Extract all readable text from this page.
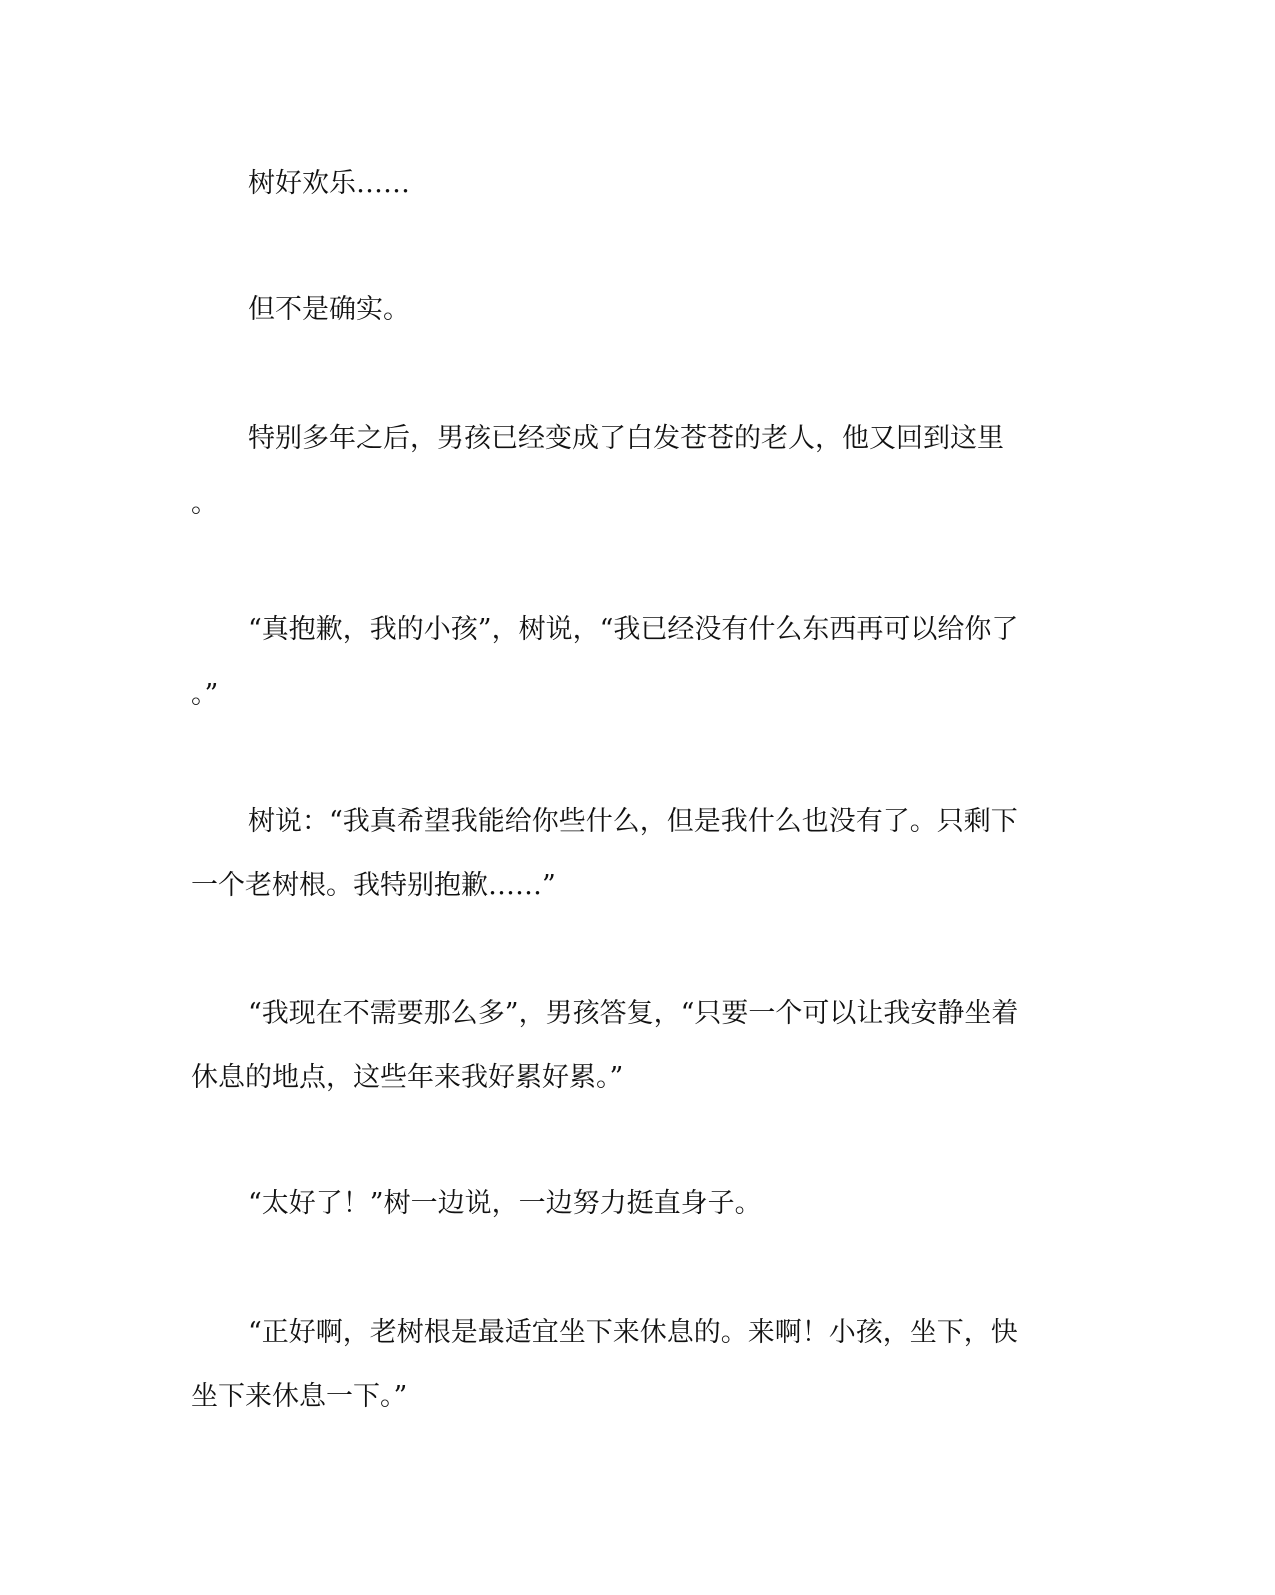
树好欢乐……
但不是确实。
特别多年之后，男孩已经变成了白发苍苍的老人，他又回到这里
。
“真抱歉，我的小孩”，树说，“我已经没有什么东西再可以给你了
。”
树说：“我真希望我能给你些什么，但是我什么也没有了。只剩下
一个老树根。我特别抱歉……”
“我现在不需要那么多”，男孩答复，“只要一个可以让我安静坐着
休息的地点，这些年来我好累好累。”
“太好了！”树一边说，一边努力挺直身子。
“正好啊，老树根是最适宜坐下来休息的。来啊！小孩，坐下，快
坐下来休息一下。”
